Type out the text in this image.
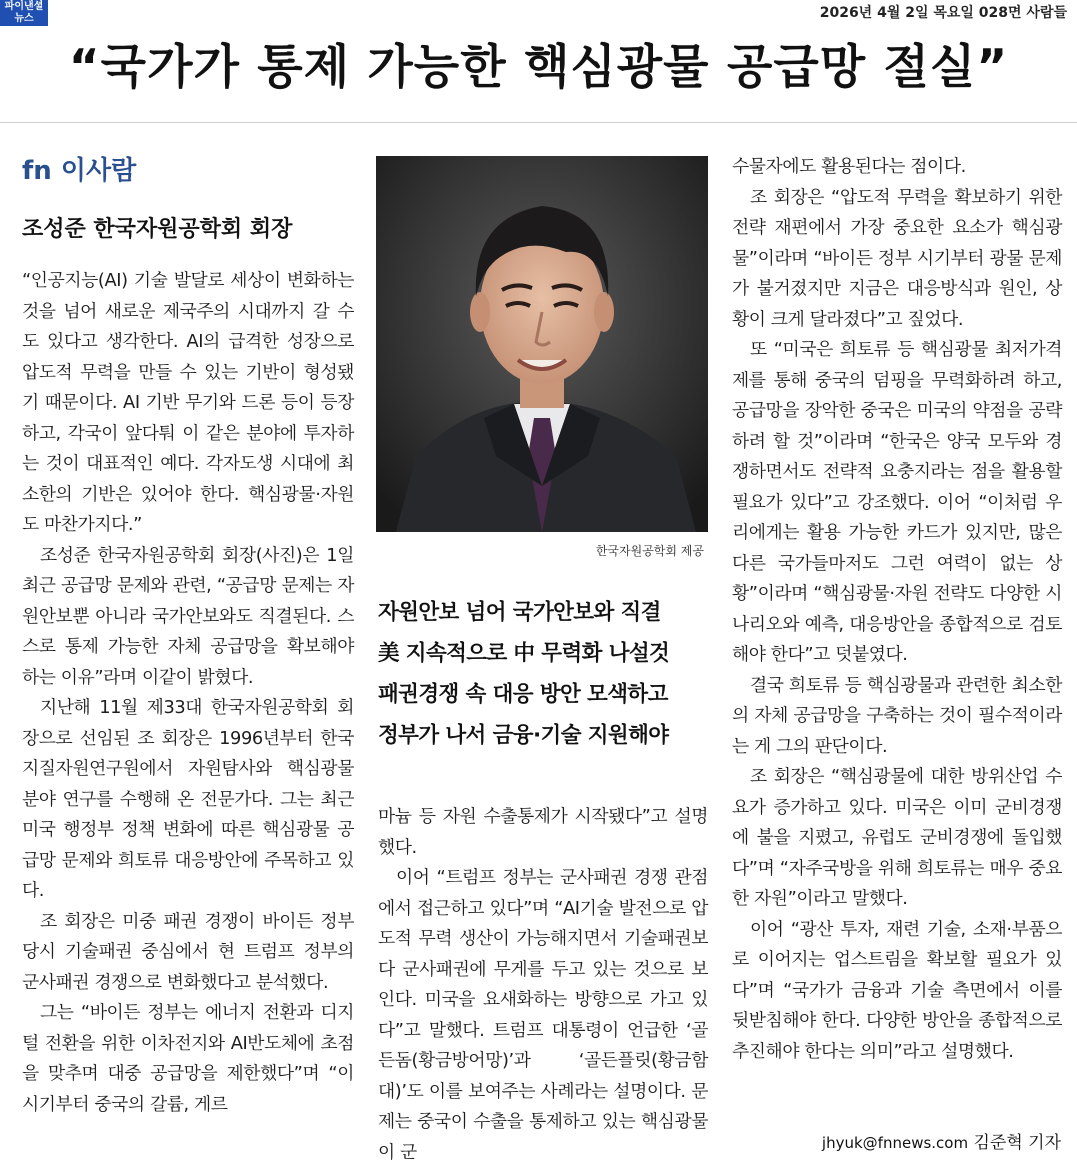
파이낸셜
뉴스	2026년 4월 2일 목요일 028면 사람들
“국가가 통제 가능한 핵심광물 공급망 절실”
fn 이사람
조성준 한국자원공학회 회장

“인공지능(AI) 기술 발달로 세상이 변화하는 것을 넘어 새로운 제국주의 시대까지 갈 수도 있다고 생각한다. AI의 급격한 성장으로 압도적 무력을 만들 수 있는 기반이 형성됐기 때문이다. AI 기반 무기와 드론 등이 등장하고, 각국이 앞다퉈 이 같은 분야에 투자하는 것이 대표적인 예다. 각자도생 시대에 최소한의 기반은 있어야 한다. 핵심광물·자원도 마찬가지다.”

조성준 한국자원공학회 회장(사진)은 1일 최근 공급망 문제와 관련, “공급망 문제는 자원안보뿐 아니라 국가안보와도 직결된다. 스스로 통제 가능한 자체 공급망을 확보해야 하는 이유”라며 이같이 밝혔다.

지난해 11월 제33대 한국자원공학회 회장으로 선임된 조 회장은 1996년부터 한국지질자원연구원에서 자원탐사와 핵심광물 분야 연구를 수행해 온 전문가다. 그는 최근 미국 행정부 정책 변화에 따른 핵심광물 공급망 문제와 희토류 대응방안에 주목하고 있다.

조 회장은 미중 패권 경쟁이 바이든 정부 당시 기술패권 중심에서 현 트럼프 정부의 군사패권 경쟁으로 변화했다고 분석했다.

그는 “바이든 정부는 에너지 전환과 디지털 전환을 위한 이차전지와 AI반도체에 초점을 맞추며 대중 공급망을 제한했다”며 “이 시기부터 중국의 갈륨, 게르

한국자원공학회 제공
자원안보 넘어 국가안보와 직결
美 지속적으로 中 무력화 나설것
패권경쟁 속 대응 방안 모색하고
정부가 나서 금융·기술 지원해야

마늄 등 자원 수출통제가 시작됐다”고 설명했다.

이어 “트럼프 정부는 군사패권 경쟁 관점에서 접근하고 있다”며 “AI기술 발전으로 압도적 무력 생산이 가능해지면서 기술패권보다 군사패권에 무게를 두고 있는 것으로 보인다. 미국을 요새화하는 방향으로 가고 있다”고 말했다. 트럼프 대통령이 언급한 ‘골든돔(황금방어망)’과 ‘골든플릿(황금함대)’도 이를 보여주는 사례라는 설명이다. 문제는 중국이 수출을 통제하고 있는 핵심광물이 군

수물자에도 활용된다는 점이다.

조 회장은 “압도적 무력을 확보하기 위한 전략 재편에서 가장 중요한 요소가 핵심광물”이라며 “바이든 정부 시기부터 광물 문제가 불거졌지만 지금은 대응방식과 원인, 상황이 크게 달라졌다”고 짚었다.

또 “미국은 희토류 등 핵심광물 최저가격제를 통해 중국의 덤핑을 무력화하려 하고, 공급망을 장악한 중국은 미국의 약점을 공략하려 할 것”이라며 “한국은 양국 모두와 경쟁하면서도 전략적 요충지라는 점을 활용할 필요가 있다”고 강조했다. 이어 “이처럼 우리에게는 활용 가능한 카드가 있지만, 많은 다른 국가들마저도 그런 여력이 없는 상황”이라며 “핵심광물·자원 전략도 다양한 시나리오와 예측, 대응방안을 종합적으로 검토해야 한다”고 덧붙였다.

결국 희토류 등 핵심광물과 관련한 최소한의 자체 공급망을 구축하는 것이 필수적이라는 게 그의 판단이다.

조 회장은 “핵심광물에 대한 방위산업 수요가 증가하고 있다. 미국은 이미 군비경쟁에 불을 지폈고, 유럽도 군비경쟁에 돌입했다”며 “자주국방을 위해 희토류는 매우 중요한 자원”이라고 말했다.

이어 “광산 투자, 재련 기술, 소재·부품으로 이어지는 업스트림을 확보할 필요가 있다”며 “국가가 금융과 기술 측면에서 이를 뒷받침해야 한다. 다양한 방안을 종합적으로 추진해야 한다는 의미”라고 설명했다.

jhyuk@fnnews.com 김준혁 기자
